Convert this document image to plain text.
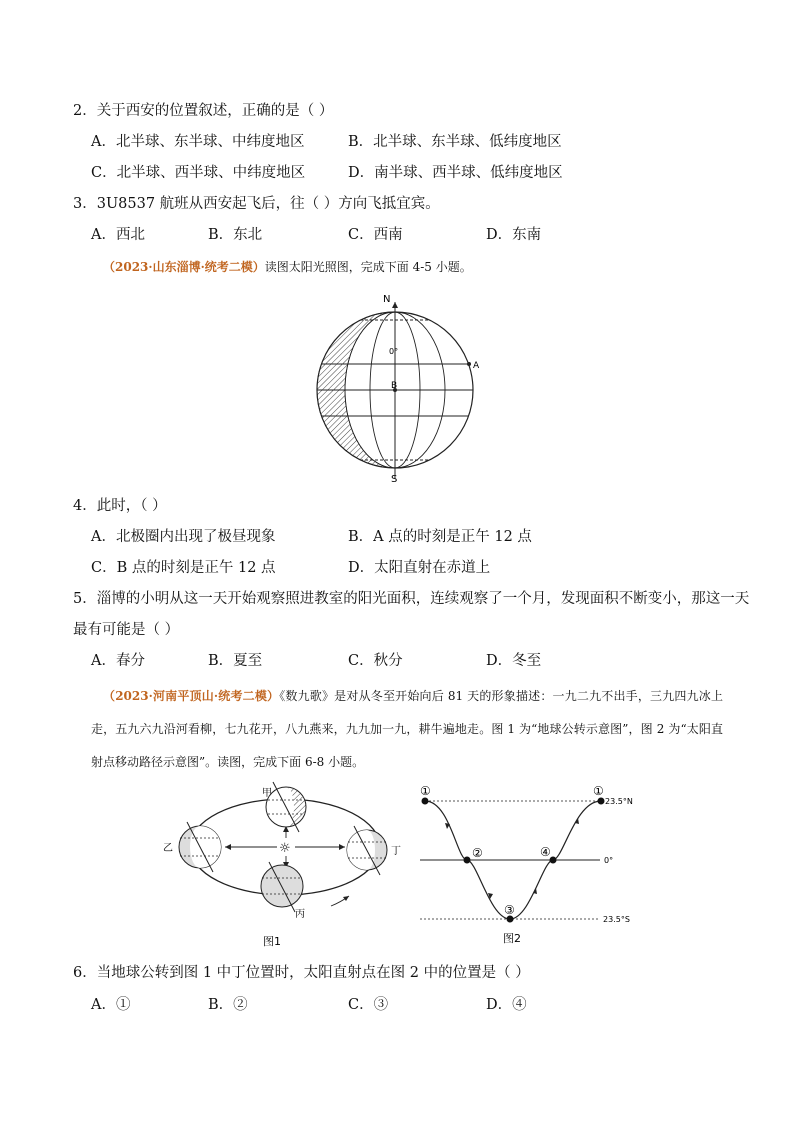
2．关于西安的位置叙述，正确的是（ ）
A．北半球、东半球、中纬度地区	B．北半球、东半球、低纬度地区
C．北半球、西半球、中纬度地区	D．南半球、西半球、低纬度地区
3．3U8537 航班从西安起飞后，往（ ）方向飞抵宜宾。
A．西北	B．东北	C．西南	D．东南
（2023·山东淄博·统考二模）读图太阳光照图，完成下面 4-5 小题。
N
S
A
B
0°
4．此时，（ ）
A．北极圈内出现了极昼现象	B．A 点的时刻是正午 12 点
C．B 点的时刻是正午 12 点	D．太阳直射在赤道上
5．淄博的小明从这一天开始观察照进教室的阳光面积，连续观察了一个月，发现面积不断变小，那这一天
最有可能是（ ）
A．春分	B．夏至	C．秋分	D．冬至
（2023·河南平顶山·统考二模）《数九歌》是对从冬至开始向后 81 天的形象描述：一九二九不出手，三九四九冰上走，五九六九沿河看柳，七九花开，八九燕来，九九加一九，耕牛遍地走。图 1 为“地球公转示意图”，图 2 为“太阳直射点移动路径示意图”。读图，完成下面 6-8 小题。
☼
甲
乙
丙
丁
图1
①
②
③
④
①
23.5°N
0°
23.5°S
图2
6．当地球公转到图 1 中丁位置时，太阳直射点在图 2 中的位置是（ ）
A．①	B．②	C．③	D．④
